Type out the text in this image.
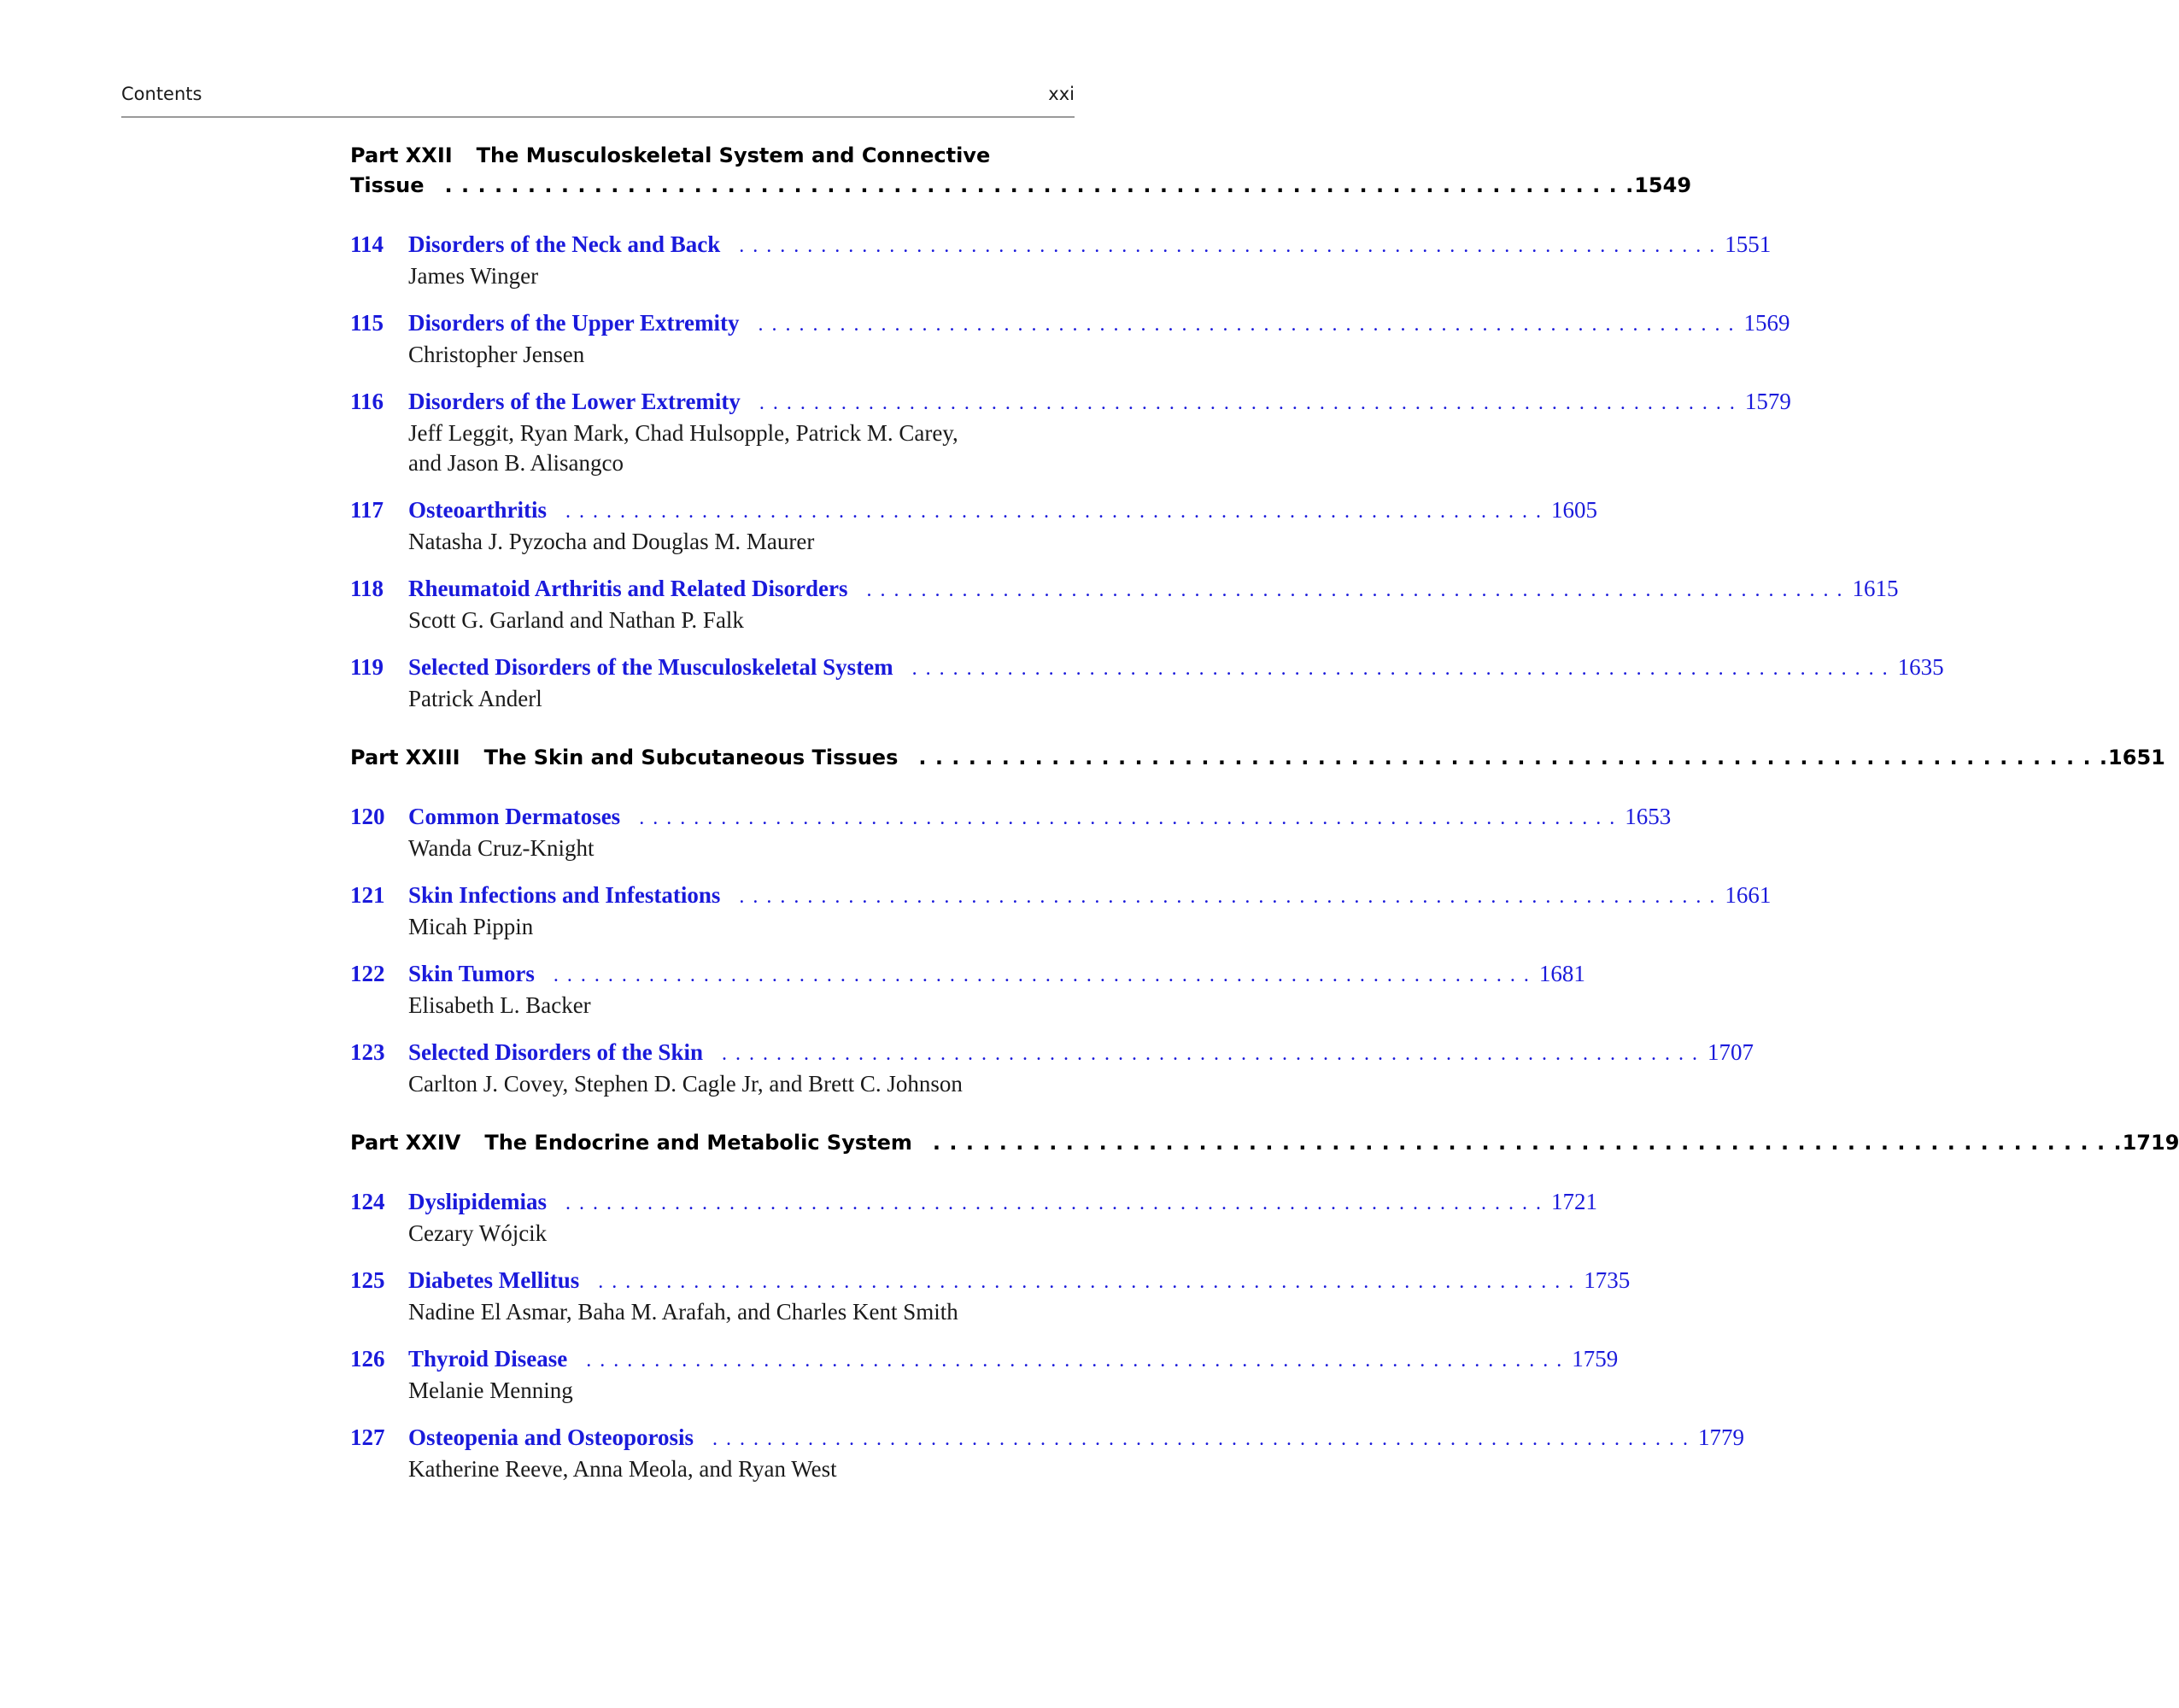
Contents	xxi
Part XXII The Musculoskeletal System and Connective
Tissue . . . . . . . . . . . . . . . . . . . . . . . . . . . . . . . . . . . . . . . . . . . . . . . . . . . . . . . . . . . . . . . . . . . . . . . . 1549
114 Disorders of the Neck and Back . . . . . . . . . . . . . . . . . . . . . . . . . . . . . . . . . . . . . . . . . . . . . . . . . . . . . . . . . . . . . . . . . . . . . . . . 1551
James Winger
115 Disorders of the Upper Extremity . . . . . . . . . . . . . . . . . . . . . . . . . . . . . . . . . . . . . . . . . . . . . . . . . . . . . . . . . . . . . . . . . . . . . . . . 1569
Christopher Jensen
116 Disorders of the Lower Extremity . . . . . . . . . . . . . . . . . . . . . . . . . . . . . . . . . . . . . . . . . . . . . . . . . . . . . . . . . . . . . . . . . . . . . . . . 1579
Jeff Leggit, Ryan Mark, Chad Hulsopple, Patrick M. Carey,
and Jason B. Alisangco
117 Osteoarthritis . . . . . . . . . . . . . . . . . . . . . . . . . . . . . . . . . . . . . . . . . . . . . . . . . . . . . . . . . . . . . . . . . . . . . . . . 1605
Natasha J. Pyzocha and Douglas M. Maurer
118 Rheumatoid Arthritis and Related Disorders . . . . . . . . . . . . . . . . . . . . . . . . . . . . . . . . . . . . . . . . . . . . . . . . . . . . . . . . . . . . . . . . . . . . . . . . 1615
Scott G. Garland and Nathan P. Falk
119 Selected Disorders of the Musculoskeletal System . . . . . . . . . . . . . . . . . . . . . . . . . . . . . . . . . . . . . . . . . . . . . . . . . . . . . . . . . . . . . . . . . . . . . . . . 1635
Patrick Anderl
Part XXIII The Skin and Subcutaneous Tissues . . . . . . . . . . . . . . . . . . . . . . . . . . . . . . . . . . . . . . . . . . . . . . . . . . . . . . . . . . . . . . . . . . . . . . . . 1651
120 Common Dermatoses . . . . . . . . . . . . . . . . . . . . . . . . . . . . . . . . . . . . . . . . . . . . . . . . . . . . . . . . . . . . . . . . . . . . . . . . 1653
Wanda Cruz-Knight
121 Skin Infections and Infestations . . . . . . . . . . . . . . . . . . . . . . . . . . . . . . . . . . . . . . . . . . . . . . . . . . . . . . . . . . . . . . . . . . . . . . . . 1661
Micah Pippin
122 Skin Tumors . . . . . . . . . . . . . . . . . . . . . . . . . . . . . . . . . . . . . . . . . . . . . . . . . . . . . . . . . . . . . . . . . . . . . . . . 1681
Elisabeth L. Backer
123 Selected Disorders of the Skin . . . . . . . . . . . . . . . . . . . . . . . . . . . . . . . . . . . . . . . . . . . . . . . . . . . . . . . . . . . . . . . . . . . . . . . . 1707
Carlton J. Covey, Stephen D. Cagle Jr, and Brett C. Johnson
Part XXIV The Endocrine and Metabolic System . . . . . . . . . . . . . . . . . . . . . . . . . . . . . . . . . . . . . . . . . . . . . . . . . . . . . . . . . . . . . . . . . . . . . . . . 1719
124 Dyslipidemias . . . . . . . . . . . . . . . . . . . . . . . . . . . . . . . . . . . . . . . . . . . . . . . . . . . . . . . . . . . . . . . . . . . . . . . . 1721
Cezary Wójcik
125 Diabetes Mellitus . . . . . . . . . . . . . . . . . . . . . . . . . . . . . . . . . . . . . . . . . . . . . . . . . . . . . . . . . . . . . . . . . . . . . . . . 1735
Nadine El Asmar, Baha M. Arafah, and Charles Kent Smith
126 Thyroid Disease . . . . . . . . . . . . . . . . . . . . . . . . . . . . . . . . . . . . . . . . . . . . . . . . . . . . . . . . . . . . . . . . . . . . . . . . 1759
Melanie Menning
127 Osteopenia and Osteoporosis . . . . . . . . . . . . . . . . . . . . . . . . . . . . . . . . . . . . . . . . . . . . . . . . . . . . . . . . . . . . . . . . . . . . . . . . 1779
Katherine Reeve, Anna Meola, and Ryan West
